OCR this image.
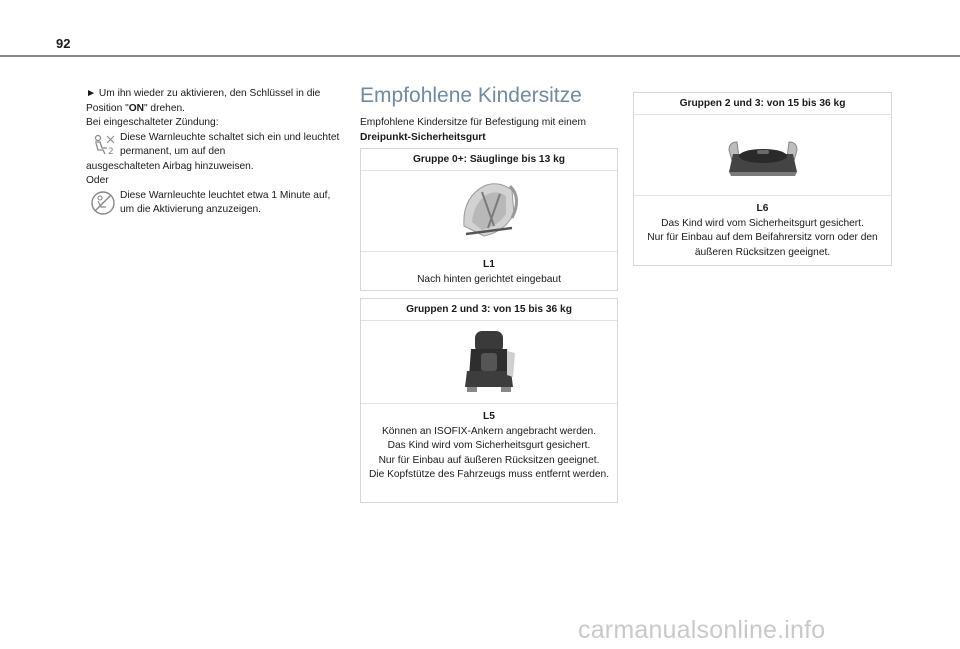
92

► Um ihn wieder zu aktivieren, den Schlüssel in die

Position "ON" drehen.

Bei eingeschalteter Zündung:

2
Diese Warnleuchte schaltet sich ein und leuchtet permanent, um auf den

ausgeschalteten Airbag hinzuweisen.

Oder

Diese Warnleuchte leuchtet etwa 1 Minute auf, um die Aktivierung anzuzeigen.
Empfohlene Kindersitze
Empfohlene Kindersitze für Befestigung mit einem
Dreipunkt-Sicherheitsgurt
Gruppe 0+: Säuglinge bis 13 kg

L1

Nach hinten gerichtet eingebaut

Gruppen 2 und 3: von 15 bis 36 kg

L5

Können an ISOFIX-Ankern angebracht werden.

Das Kind wird vom Sicherheitsgurt gesichert.

Nur für Einbau auf äußeren Rücksitzen geeignet.

Die Kopfstütze des Fahrzeugs muss entfernt werden.

Gruppen 2 und 3: von 15 bis 36 kg

L6

Das Kind wird vom Sicherheitsgurt gesichert.

Nur für Einbau auf dem Beifahrersitz vorn oder den äußeren Rücksitzen geeignet.

carmanualsonline.info
